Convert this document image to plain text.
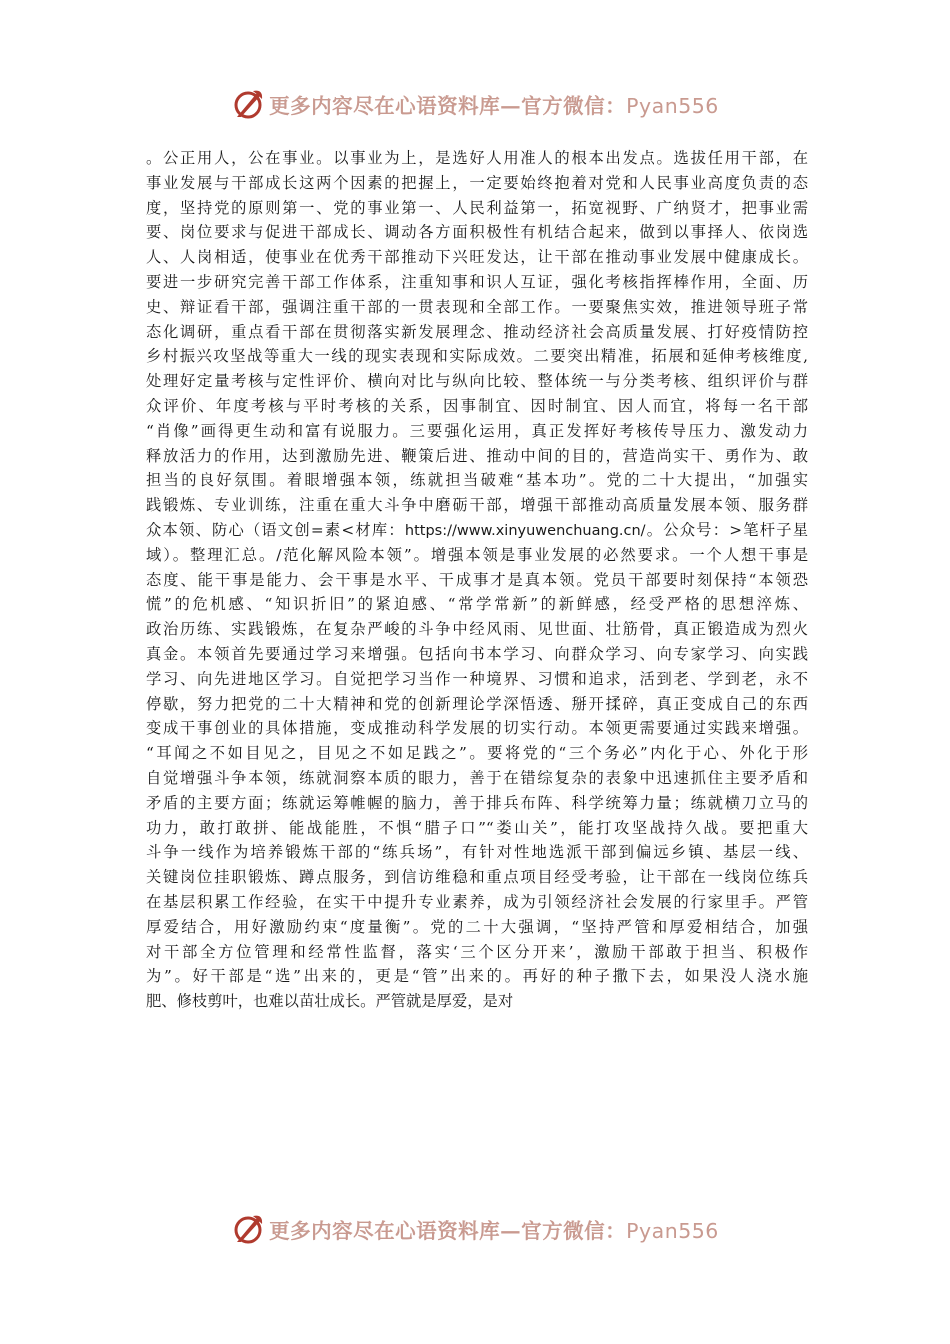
更多内容尽在心语资料库—官方微信：Pyan556
。公正用人，公在事业。以事业为上，是选好人用准人的根本出发点。选拔任用干部，在
事业发展与干部成长这两个因素的把握上，一定要始终抱着对党和人民事业高度负责的态
度，坚持党的原则第一、党的事业第一、人民利益第一，拓宽视野、广纳贤才，把事业需
要、岗位要求与促进干部成长、调动各方面积极性有机结合起来，做到以事择人、依岗选
人、人岗相适，使事业在优秀干部推动下兴旺发达，让干部在推动事业发展中健康成长。
要进一步研究完善干部工作体系，注重知事和识人互证，强化考核指挥棒作用，全面、历
史、辩证看干部，强调注重干部的一贯表现和全部工作。一要聚焦实效，推进领导班子常
态化调研，重点看干部在贯彻落实新发展理念、推动经济社会高质量发展、打好疫情防控
乡村振兴攻坚战等重大一线的现实表现和实际成效。二要突出精准，拓展和延伸考核维度,
处理好定量考核与定性评价、横向对比与纵向比较、整体统一与分类考核、组织评价与群
众评价、年度考核与平时考核的关系，因事制宜、因时制宜、因人而宜，将每一名干部
“肖像”画得更生动和富有说服力。三要强化运用，真正发挥好考核传导压力、激发动力
释放活力的作用，达到激励先进、鞭策后进、推动中间的目的，营造尚实干、勇作为、敢
担当的良好氛围。着眼增强本领，练就担当破难“基本功”。党的二十大提出，“加强实
践锻炼、专业训练，注重在重大斗争中磨砺干部，增强干部推动高质量发展本领、服务群
众本领、防心（语文创=素<材库：https://www.xinyuwenchuang.cn/。公众号：>笔杆子星
域）。整理汇总。/范化解风险本领”。增强本领是事业发展的必然要求。一个人想干事是
态度、能干事是能力、会干事是水平、干成事才是真本领。党员干部要时刻保持“本领恐
慌”的危机感、“知识折旧”的紧迫感、“常学常新”的新鲜感，经受严格的思想淬炼、
政治历练、实践锻炼，在复杂严峻的斗争中经风雨、见世面、壮筋骨，真正锻造成为烈火
真金。本领首先要通过学习来增强。包括向书本学习、向群众学习、向专家学习、向实践
学习、向先进地区学习。自觉把学习当作一种境界、习惯和追求，活到老、学到老，永不
停歇，努力把党的二十大精神和党的创新理论学深悟透、掰开揉碎，真正变成自己的东西
变成干事创业的具体措施，变成推动科学发展的切实行动。本领更需要通过实践来增强。
“耳闻之不如目见之，目见之不如足践之”。要将党的“三个务必”内化于心、外化于形
自觉增强斗争本领，练就洞察本质的眼力，善于在错综复杂的表象中迅速抓住主要矛盾和
矛盾的主要方面；练就运筹帷幄的脑力，善于排兵布阵、科学统筹力量；练就横刀立马的
功力，敢打敢拼、能战能胜，不惧“腊子口”“娄山关”，能打攻坚战持久战。要把重大
斗争一线作为培养锻炼干部的“练兵场”，有针对性地选派干部到偏远乡镇、基层一线、
关键岗位挂职锻炼、蹲点服务，到信访维稳和重点项目经受考验，让干部在一线岗位练兵
在基层积累工作经验，在实干中提升专业素养，成为引领经济社会发展的行家里手。严管
厚爱结合，用好激励约束“度量衡”。党的二十大强调，“坚持严管和厚爱相结合，加强
对干部全方位管理和经常性监督，落实‘三个区分开来’，激励干部敢于担当、积极作
为”。好干部是“选”出来的，更是“管”出来的。再好的种子撒下去，如果没人浇水施
肥、修枝剪叶，也难以苗壮成长。严管就是厚爱，是对
更多内容尽在心语资料库—官方微信：Pyan556
